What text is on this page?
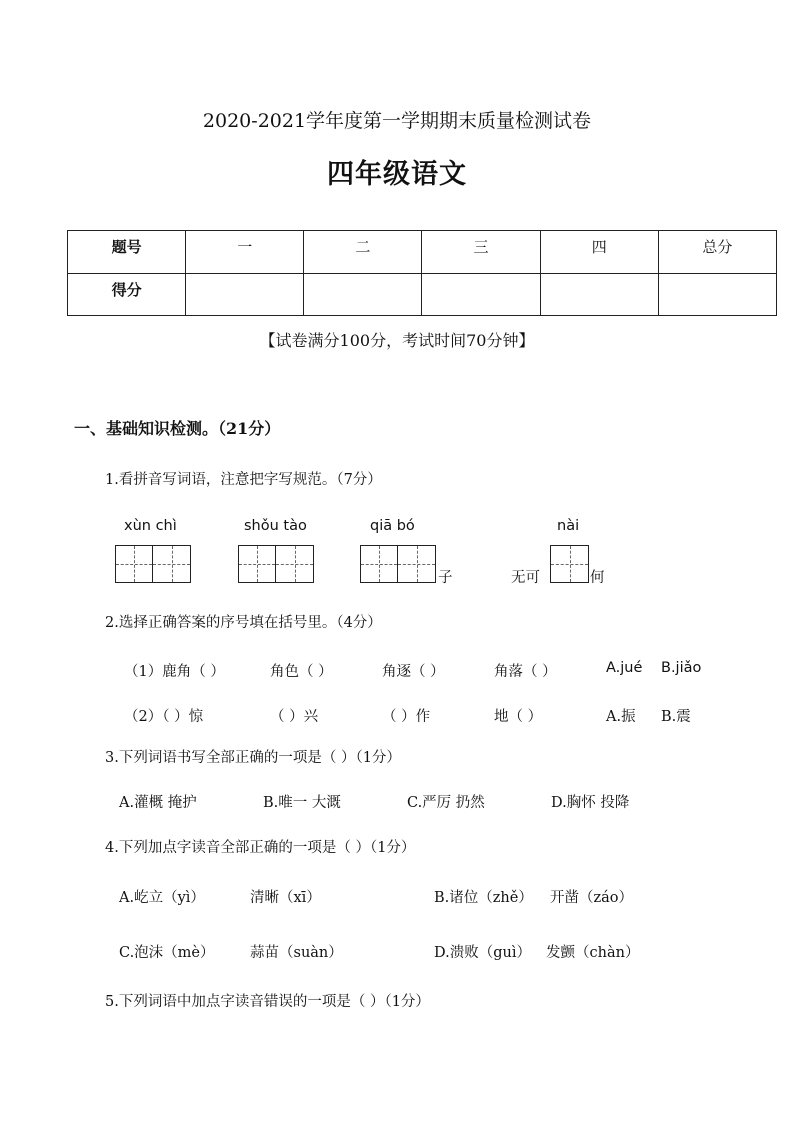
2020-2021学年度第一学期期末质量检测试卷
四年级语文
题号	一	二	三	四	总分
得分					
【试卷满分100分，考试时间70分钟】
一、基础知识检测。（21分）
1.看拼音写词语，注意把字写规范。（7分）
xùn chì	shǒu tào	qiā bó	nài
子	无可	何
2.选择正确答案的序号填在括号里。（4分）
（1）鹿角（ ）	角色（ ）	角逐（ ）	角落（ ）	A.jué B.jiǎo
（2）（ ）惊	（ ）兴	（ ）作	地（ ）	A.振 B.震
3.下列词语书写全部正确的一项是（ ）（1分）
A.灌概 掩护	B.唯一 大溉	C.严厉 扔然	D.胸怀 投降
4.下列加点字读音全部正确的一项是（ ）（1分）
A.屹立（yì）	清晰（xī）	B.诸位（zhě） 开凿（záo）
C.泡沫（mè） 蒜苗（suàn）	D.溃败（guì） 发颤（chàn）
5.下列词语中加点字读音错误的一项是（ ）（1分）
